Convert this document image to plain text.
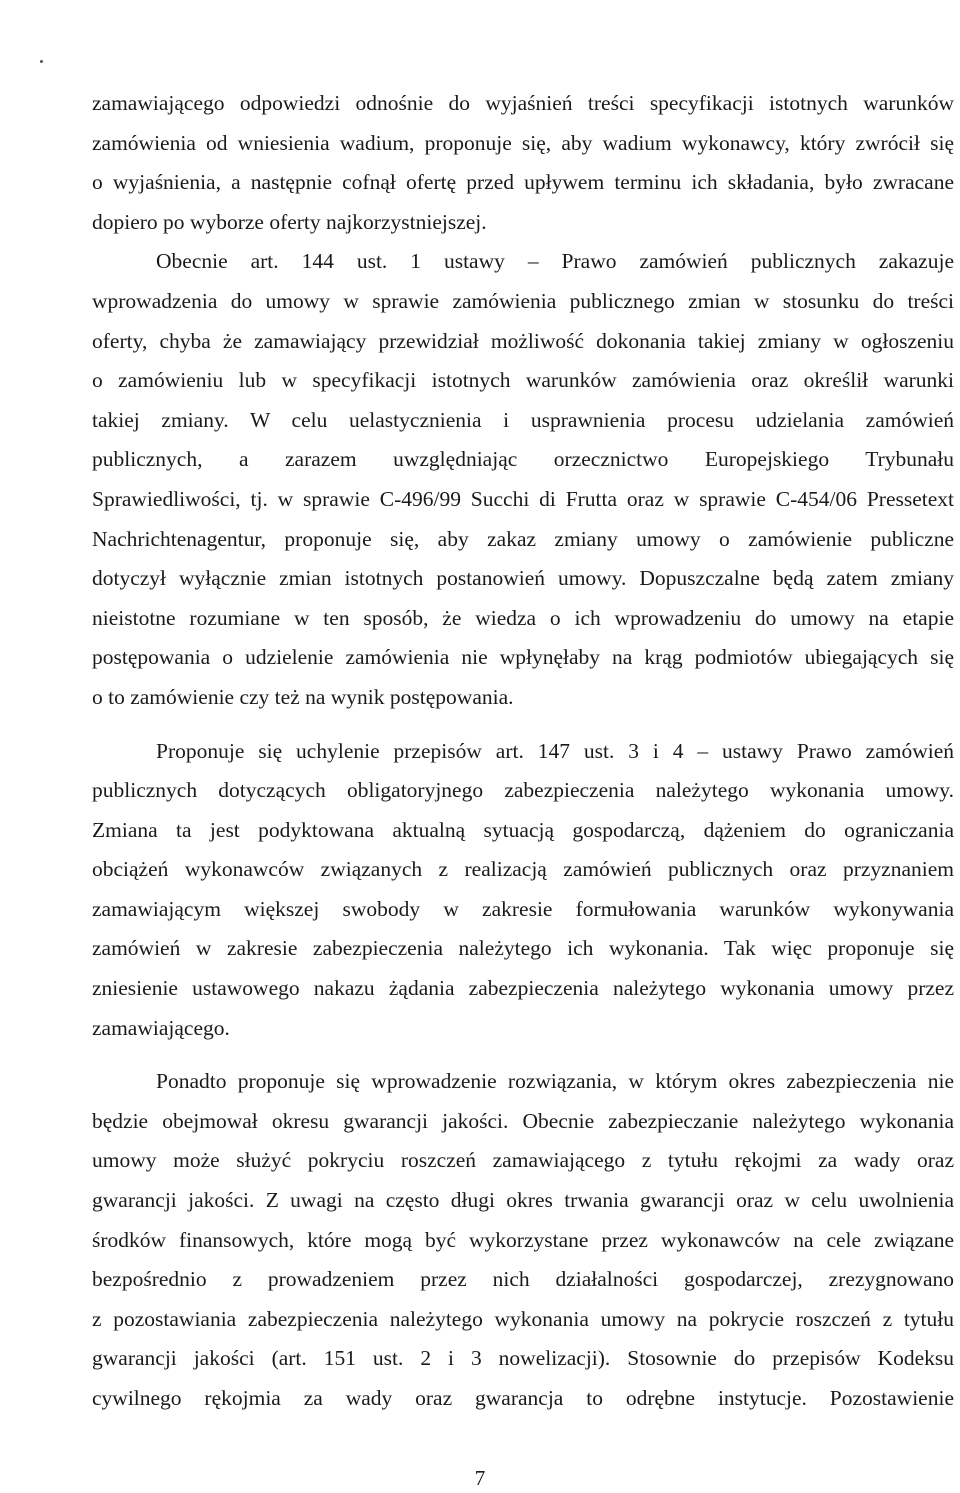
zamawiającego odpowiedzi odnośnie do wyjaśnień treści specyfikacji istotnych warunków
zamówienia od wniesienia wadium, proponuje się, aby wadium wykonawcy, który zwrócił się
o wyjaśnienia, a następnie cofnął ofertę przed upływem terminu ich składania, było zwracane
dopiero po wyborze oferty najkorzystniejszej.

Obecnie art. 144 ust. 1 ustawy – Prawo zamówień publicznych zakazuje
wprowadzenia do umowy w sprawie zamówienia publicznego zmian w stosunku do treści
oferty, chyba że zamawiający przewidział możliwość dokonania takiej zmiany w ogłoszeniu
o zamówieniu lub w specyfikacji istotnych warunków zamówienia oraz określił warunki
takiej zmiany. W celu uelastycznienia i usprawnienia procesu udzielania zamówień
publicznych, a zarazem uwzględniając orzecznictwo Europejskiego Trybunału
Sprawiedliwości, tj. w sprawie C-496/99 Succhi di Frutta oraz w sprawie C-454/06 Pressetext
Nachrichtenagentur, proponuje się, aby zakaz zmiany umowy o zamówienie publiczne
dotyczył wyłącznie zmian istotnych postanowień umowy. Dopuszczalne będą zatem zmiany
nieistotne rozumiane w ten sposób, że wiedza o ich wprowadzeniu do umowy na etapie
postępowania o udzielenie zamówienia nie wpłynęłaby na krąg podmiotów ubiegających się
o to zamówienie czy też na wynik postępowania.

Proponuje się uchylenie przepisów art. 147 ust. 3 i 4 – ustawy Prawo zamówień
publicznych dotyczących obligatoryjnego zabezpieczenia należytego wykonania umowy.
Zmiana ta jest podyktowana aktualną sytuacją gospodarczą, dążeniem do ograniczania
obciążeń wykonawców związanych z realizacją zamówień publicznych oraz przyznaniem
zamawiającym większej swobody w zakresie formułowania warunków wykonywania
zamówień w zakresie zabezpieczenia należytego ich wykonania. Tak więc proponuje się
zniesienie ustawowego nakazu żądania zabezpieczenia należytego wykonania umowy przez
zamawiającego.

Ponadto proponuje się wprowadzenie rozwiązania, w którym okres zabezpieczenia nie
będzie obejmował okresu gwarancji jakości. Obecnie zabezpieczanie należytego wykonania
umowy może służyć pokryciu roszczeń zamawiającego z tytułu rękojmi za wady oraz
gwarancji jakości. Z uwagi na często długi okres trwania gwarancji oraz w celu uwolnienia
środków finansowych, które mogą być wykorzystane przez wykonawców na cele związane
bezpośrednio z prowadzeniem przez nich działalności gospodarczej, zrezygnowano
z pozostawiania zabezpieczenia należytego wykonania umowy na pokrycie roszczeń z tytułu
gwarancji jakości (art. 151 ust. 2 i 3 nowelizacji). Stosownie do przepisów Kodeksu
cywilnego rękojmia za wady oraz gwarancja to odrębne instytucje. Pozostawienie

7
